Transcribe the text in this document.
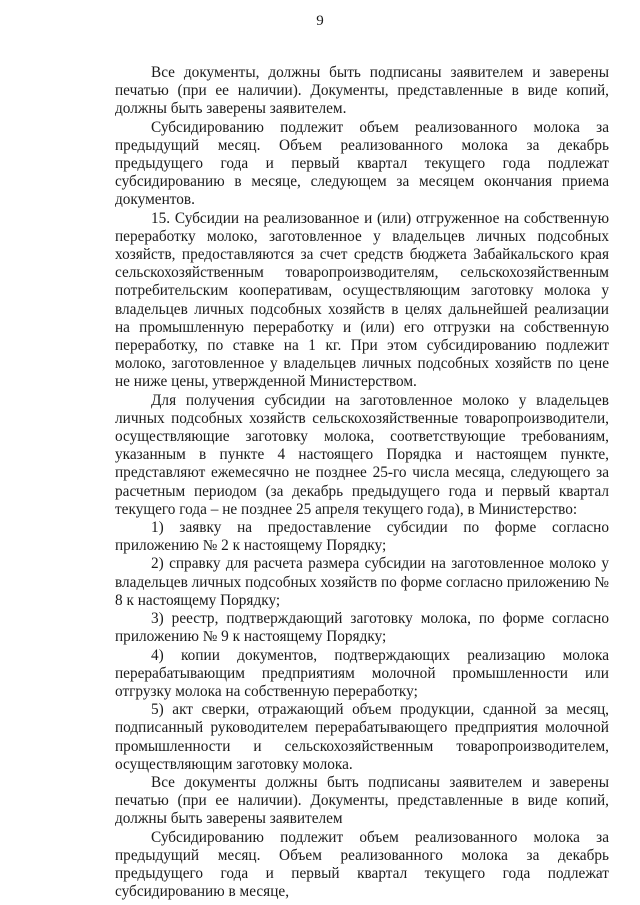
9

Все документы, должны быть подписаны заявителем и заверены печатью (при ее наличии). Документы, представленные в виде копий, должны быть заверены заявителем.

Субсидированию подлежит объем реализованного молока за предыдущий месяц. Объем реализованного молока за декабрь предыдущего года и первый квартал текущего года подлежат субсидированию в месяце, следующем за месяцем окончания приема документов.

15. Субсидии на реализованное и (или) отгруженное на собственную переработку молоко, заготовленное у владельцев личных подсобных хозяйств, предоставляются за счет средств бюджета Забайкальского края сельскохозяйственным товаропроизводителям, сельскохозяйственным потребительским кооперативам, осуществляющим заготовку молока у владельцев личных подсобных хозяйств в целях дальнейшей реализации на промышленную переработку и (или) его отгрузки на собственную переработку, по ставке на 1 кг. При этом субсидированию подлежит молоко, заготовленное у владельцев личных подсобных хозяйств по цене не ниже цены, утвержденной Министерством.

Для получения субсидии на заготовленное молоко у владельцев личных подсобных хозяйств сельскохозяйственные товаропроизводители, осуществляющие заготовку молока, соответствующие требованиям, указанным в пункте 4 настоящего Порядка и настоящем пункте, представляют ежемесячно не позднее 25-го числа месяца, следующего за расчетным периодом (за декабрь предыдущего года и первый квартал текущего года – не позднее 25 апреля текущего года), в Министерство:

1) заявку на предоставление субсидии по форме согласно приложению № 2 к настоящему Порядку;

2) справку для расчета размера субсидии на заготовленное молоко у владельцев личных подсобных хозяйств по форме согласно приложению № 8 к настоящему Порядку;

3) реестр, подтверждающий заготовку молока, по форме согласно приложению № 9 к настоящему Порядку;

4) копии документов, подтверждающих реализацию молока перерабатывающим предприятиям молочной промышленности или отгрузку молока на собственную переработку;

5) акт сверки, отражающий объем продукции, сданной за месяц, подписанный руководителем перерабатывающего предприятия молочной промышленности и сельскохозяйственным товаропроизводителем, осуществляющим заготовку молока.

Все документы должны быть подписаны заявителем и заверены печатью (при ее наличии). Документы, представленные в виде копий, должны быть заверены заявителем

Субсидированию подлежит объем реализованного молока за предыдущий месяц. Объем реализованного молока за декабрь предыдущего года и первый квартал текущего года подлежат субсидированию в месяце,
